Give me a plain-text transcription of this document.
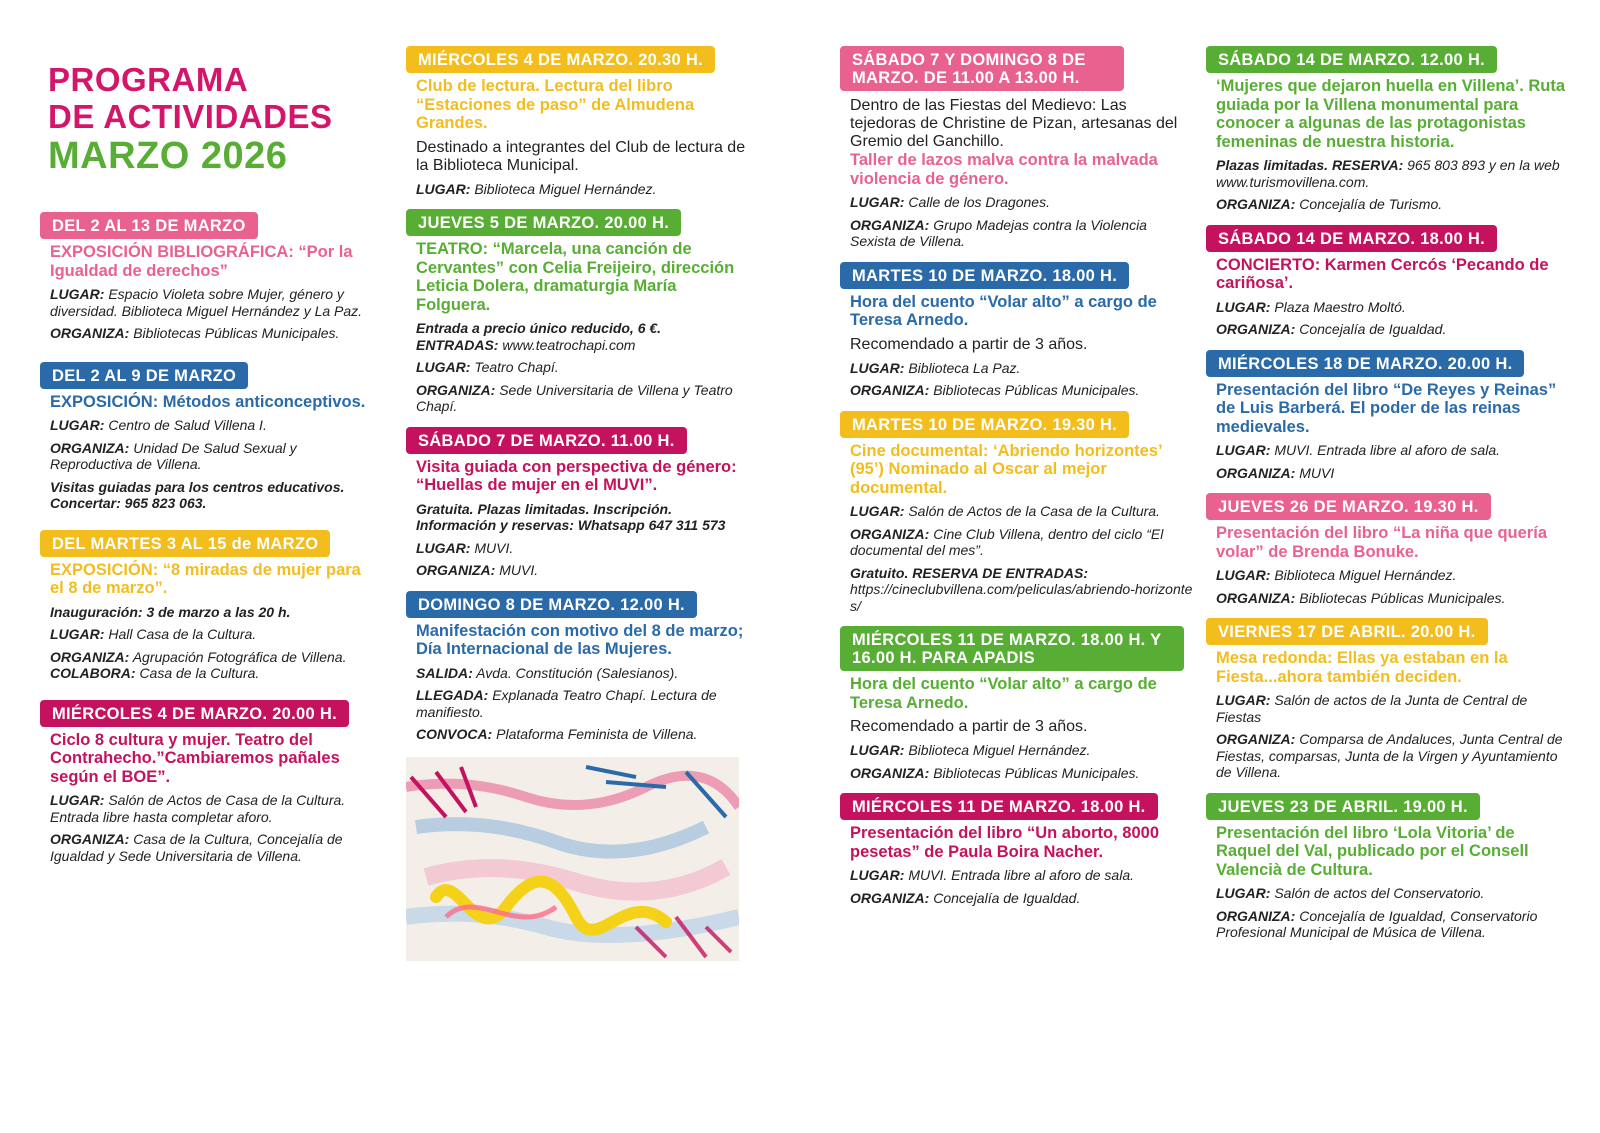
PROGRAMA
DE ACTIVIDADES
MARZO 2026
DEL 2 AL 13 DE MARZO
EXPOSICIÓN BIBLIOGRÁFICA: “Por la Igualdad de derechos”
LUGAR: Espacio Violeta sobre Mujer, género y diversidad. Biblioteca Miguel Hernández y La Paz.
ORGANIZA: Bibliotecas Públicas Municipales.
DEL 2 AL 9 DE MARZO
EXPOSICIÓN: Métodos anticonceptivos.
LUGAR: Centro de Salud Villena I.
ORGANIZA: Unidad De Salud Sexual y Reproductiva de Villena.
Visitas guiadas para los centros educativos. Concertar: 965 823 063.
DEL MARTES 3 AL 15 de MARZO
EXPOSICIÓN: “8 miradas de mujer para el 8 de marzo”.
Inauguración: 3 de marzo a las 20 h.
LUGAR: Hall Casa de la Cultura.
ORGANIZA: Agrupación Fotográfica de Villena. COLABORA: Casa de la Cultura.
MIÉRCOLES 4 DE MARZO. 20.00 H.
Ciclo 8 cultura y mujer. Teatro del Contrahecho.”Cambiaremos pañales según el BOE”.
LUGAR: Salón de Actos de Casa de la Cultura. Entrada libre hasta completar aforo.
ORGANIZA: Casa de la Cultura, Concejalía de Igualdad y Sede Universitaria de Villena.
MIÉRCOLES 4 DE MARZO. 20.30 H.
Club de lectura. Lectura del libro “Estaciones de paso” de Almudena Grandes.
Destinado a integrantes del Club de lectura de la Biblioteca Municipal.
LUGAR: Biblioteca Miguel Hernández.
JUEVES 5 DE MARZO. 20.00 H.
TEATRO: “Marcela, una canción de Cervantes” con Celia Freijeiro, dirección Leticia Dolera, dramaturgia María Folguera.
Entrada a precio único reducido, 6 €.
ENTRADAS: www.teatrochapi.com
LUGAR: Teatro Chapí.
ORGANIZA: Sede Universitaria de Villena y Teatro Chapí.
SÁBADO 7 DE MARZO. 11.00 H.
Visita guiada con perspectiva de género: “Huellas de mujer en el MUVI”.
Gratuita. Plazas limitadas. Inscripción. Información y reservas: Whatsapp 647 311 573
LUGAR: MUVI.
ORGANIZA: MUVI.
DOMINGO 8 DE MARZO. 12.00 H.
Manifestación con motivo del 8 de marzo; Día Internacional de las Mujeres.
SALIDA: Avda. Constitución (Salesianos).
LLEGADA: Explanada Teatro Chapí. Lectura de manifiesto.
CONVOCA: Plataforma Feminista de Villena.
SÁBADO 7 Y DOMINGO 8 DE MARZO. DE 11.00 A 13.00 H.
Dentro de las Fiestas del Medievo: Las tejedoras de Christine de Pizan, artesanas del Gremio del Ganchillo.
Taller de lazos malva contra la malvada violencia de género.
LUGAR: Calle de los Dragones.
ORGANIZA: Grupo Madejas contra la Violencia Sexista de Villena.
MARTES 10 DE MARZO. 18.00 H.
Hora del cuento “Volar alto” a cargo de Teresa Arnedo.
Recomendado a partir de 3 años.
LUGAR: Biblioteca La Paz.
ORGANIZA: Bibliotecas Públicas Municipales.
MARTES 10 DE MARZO. 19.30 H.
Cine documental: ‘Abriendo horizontes’ (95’) Nominado al Oscar al mejor documental.
LUGAR: Salón de Actos de la Casa de la Cultura.
ORGANIZA: Cine Club Villena, dentro del ciclo “El documental del mes”.
Gratuito. RESERVA DE ENTRADAS:
https://cineclubvillena.com/peliculas/abriendo-horizontes/
MIÉRCOLES 11 DE MARZO. 18.00 H. Y 16.00 H. PARA APADIS
Hora del cuento “Volar alto” a cargo de Teresa Arnedo.
Recomendado a partir de 3 años.
LUGAR: Biblioteca Miguel Hernández.
ORGANIZA: Bibliotecas Públicas Municipales.
MIÉRCOLES 11 DE MARZO. 18.00 H.
Presentación del libro “Un aborto, 8000 pesetas” de Paula Boira Nacher.
LUGAR: MUVI. Entrada libre al aforo de sala.
ORGANIZA: Concejalía de Igualdad.
SÁBADO 14 DE MARZO. 12.00 H.
‘Mujeres que dejaron huella en Villena’. Ruta guiada por la Villena monumental para conocer a algunas de las protagonistas femeninas de nuestra historia.
Plazas limitadas. RESERVA: 965 803 893 y en la web www.turismovillena.com.
ORGANIZA: Concejalía de Turismo.
SÁBADO 14 DE MARZO. 18.00 H.
CONCIERTO: Karmen Cercós ‘Pecando de cariñosa’.
LUGAR: Plaza Maestro Moltó.
ORGANIZA: Concejalía de Igualdad.
MIÉRCOLES 18 DE MARZO. 20.00 H.
Presentación del libro “De Reyes y Reinas” de Luis Barberá. El poder de las reinas medievales.
LUGAR: MUVI. Entrada libre al aforo de sala.
ORGANIZA: MUVI
JUEVES 26 DE MARZO. 19.30 H.
Presentación del libro “La niña que quería volar” de Brenda Bonuke.
LUGAR: Biblioteca Miguel Hernández.
ORGANIZA: Bibliotecas Públicas Municipales.
VIERNES 17 DE ABRIL. 20.00 H.
Mesa redonda: Ellas ya estaban en la Fiesta...ahora también deciden.
LUGAR: Salón de actos de la Junta de Central de Fiestas
ORGANIZA: Comparsa de Andaluces, Junta Central de Fiestas, comparsas, Junta de la Virgen y Ayuntamiento de Villena.
JUEVES 23 DE ABRIL. 19.00 H.
Presentación del libro ‘Lola Vitoria’ de Raquel del Val, publicado por el Consell Valencià de Cultura.
LUGAR: Salón de actos del Conservatorio.
ORGANIZA: Concejalía de Igualdad, Conservatorio Profesional Municipal de Música de Villena.
